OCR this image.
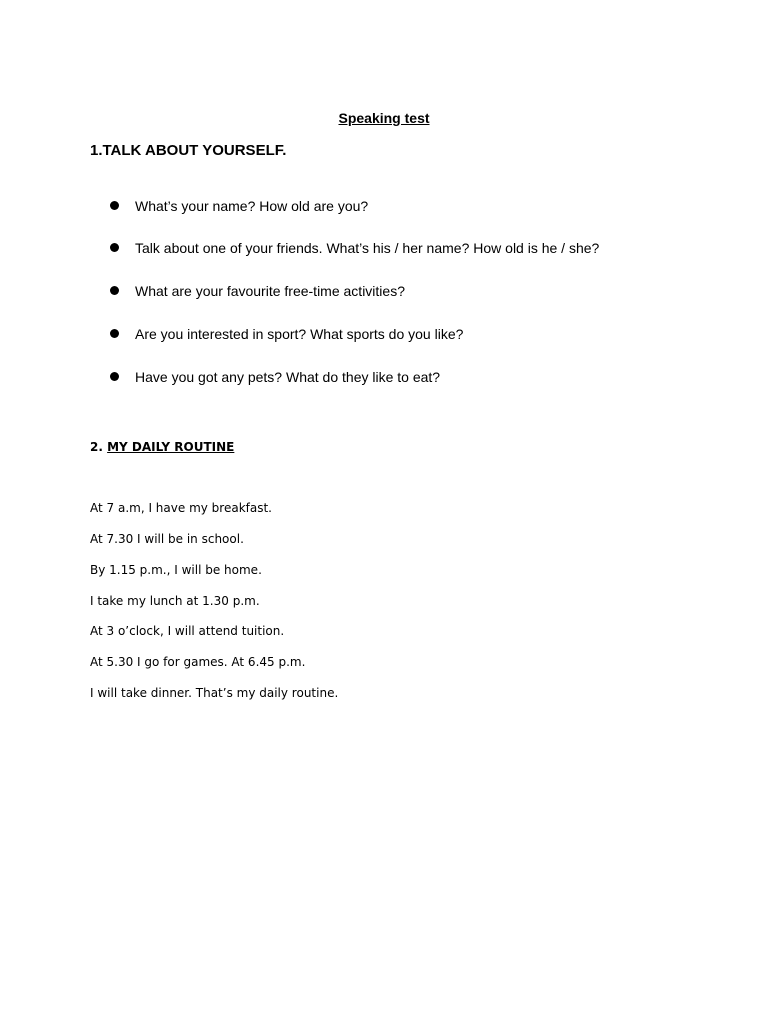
Speaking test
1.TALK ABOUT YOURSELF.
What’s your name? How old are you?
Talk about one of your friends. What’s his / her name? How old is he / she?
What are your favourite free-time activities?
Are you interested in sport? What sports do you like?
Have you got any pets? What do they like to eat?
2. MY DAILY ROUTINE

At 7 a.m, I have my breakfast.

At 7.30 I will be in school.

By 1.15 p.m., I will be home.

I take my lunch at 1.30 p.m.

At 3 o’clock, I will attend tuition.

At 5.30 I go for games. At 6.45 p.m.

I will take dinner. That’s my daily routine.
